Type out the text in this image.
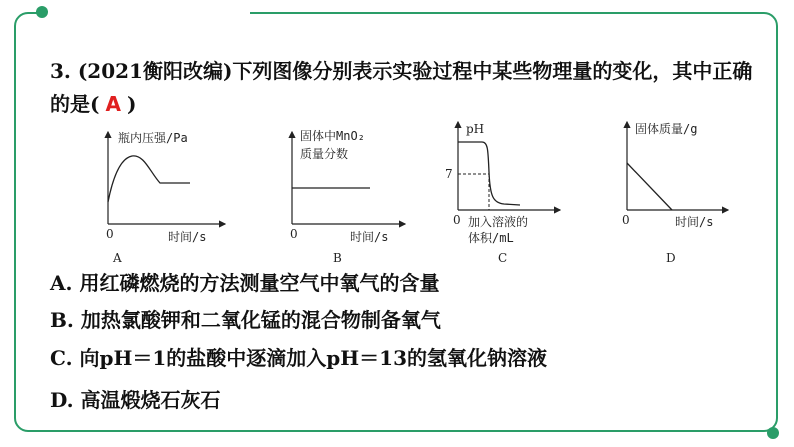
3. (2021衡阳改编)下列图像分别表示实验过程中某些物理量的变化，其中正确的是( A )
瓶内压强/Pa
0	时间/s
A
固体中MnO₂
质量分数
0	时间/s
B
pH
7
0 加入溶液的
体积/mL
C
固体质量/g
0	时间/s
D
A. 用红磷燃烧的方法测量空气中氧气的含量
B. 加热氯酸钾和二氧化锰的混合物制备氧气
C. 向pH＝1的盐酸中逐滴加入pH＝13的氢氧化钠溶液
D. 高温煅烧石灰石
